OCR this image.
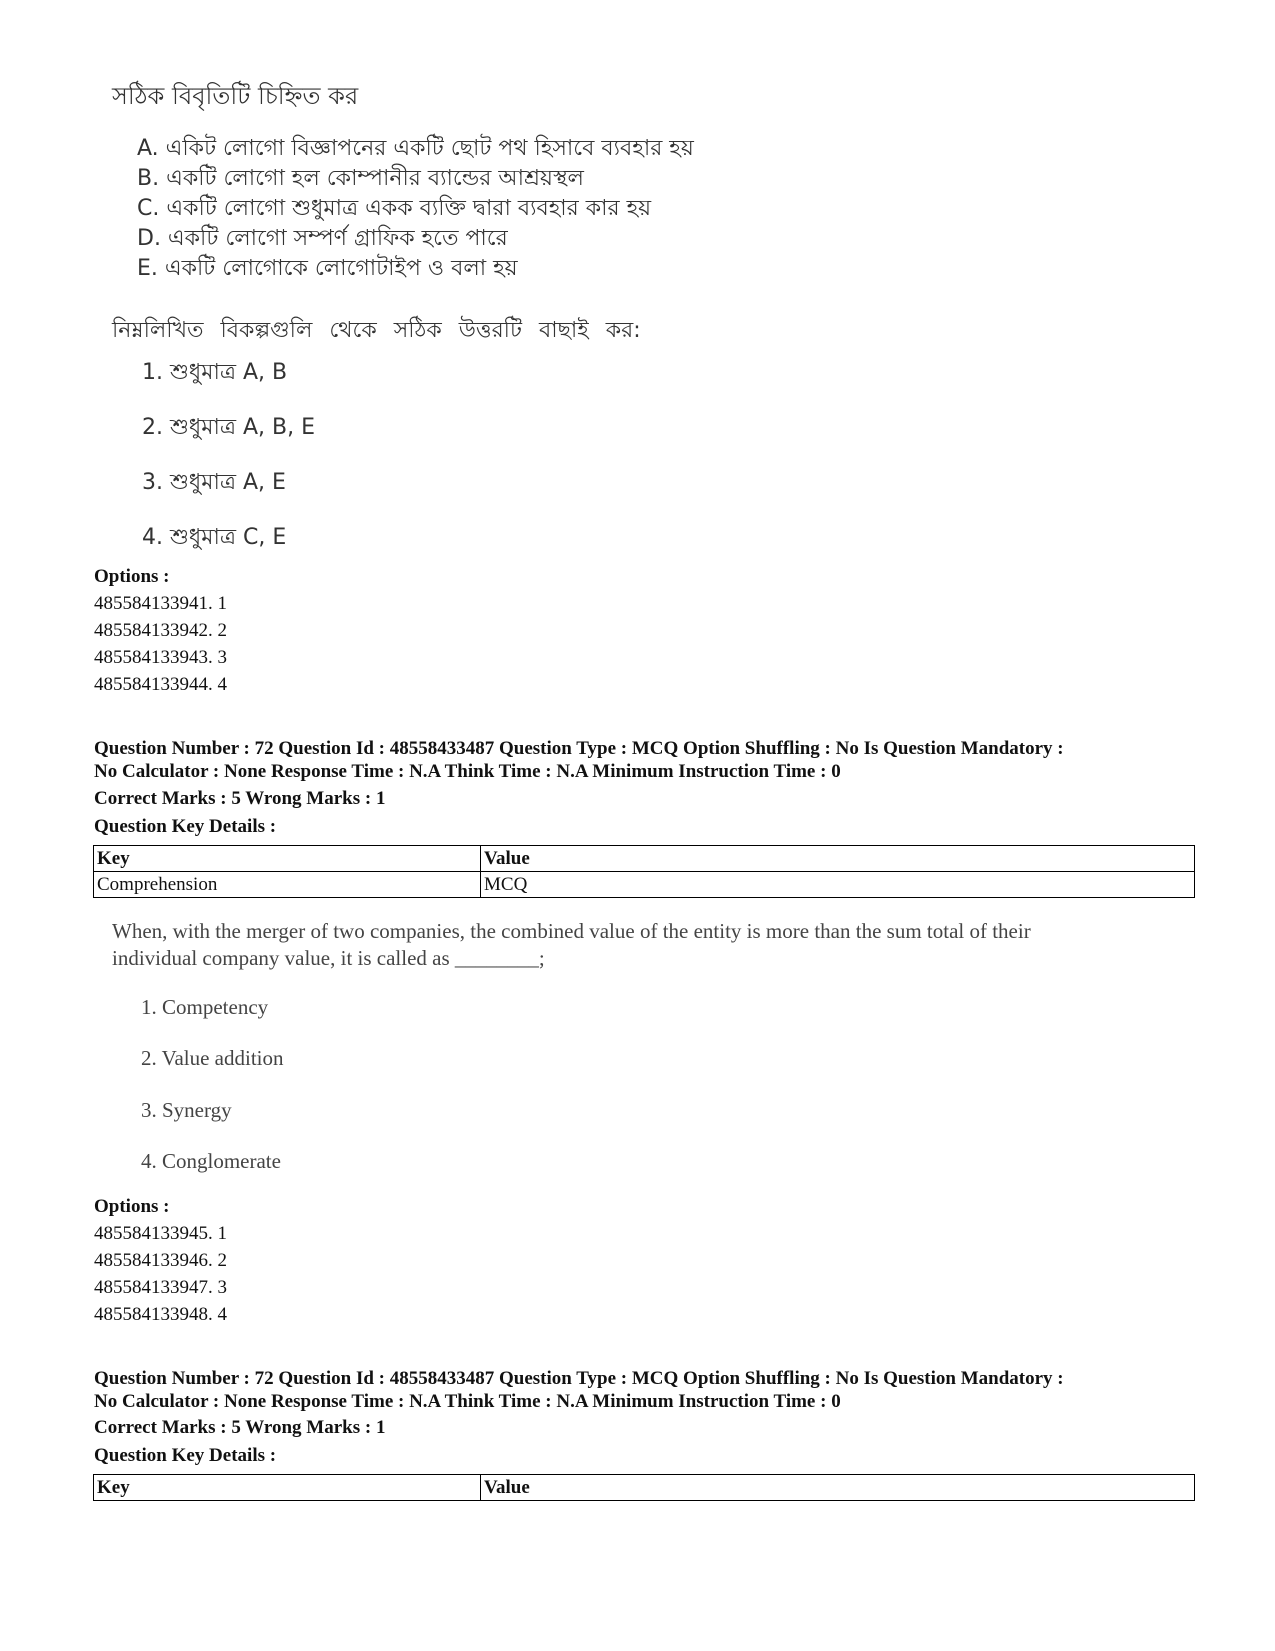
সঠিক বিবৃতিটি চিহ্নিত কর
A. একিট লোগো বিজ্ঞাপনের একটি ছোট পথ হিসাবে ব্যবহার হয়
B. একটি লোগো হল কোম্পানীর ব্যান্ডের আশ্রয়স্থল
C. একটি লোগো শুধুমাত্র একক ব্যক্তি দ্বারা ব্যবহার কার হয়
D. একটি লোগো সম্পর্ণ গ্রাফিক হতে পারে
E. একটি লোগোকে লোগোটাইপ ও বলা হয়
নিম্নলিখিত বিকল্পগুলি থেকে সঠিক উত্তরটি বাছাই কর:
1. শুধুমাত্র A, B
2. শুধুমাত্র A, B, E
3. শুধুমাত্র A, E
4. শুধুমাত্র C, E
Options :
485584133941. 1
485584133942. 2
485584133943. 3
485584133944. 4
Question Number : 72 Question Id : 48558433487 Question Type : MCQ Option Shuffling : No Is Question Mandatory :
No Calculator : None Response Time : N.A Think Time : N.A Minimum Instruction Time : 0
Correct Marks : 5 Wrong Marks : 1
Question Key Details :
Key	Value
Comprehension	MCQ
When, with the merger of two companies, the combined value of the entity is more than the sum total of their
individual company value, it is called as ________;
1. Competency
2. Value addition
3. Synergy
4. Conglomerate
Options :
485584133945. 1
485584133946. 2
485584133947. 3
485584133948. 4
Question Number : 72 Question Id : 48558433487 Question Type : MCQ Option Shuffling : No Is Question Mandatory :
No Calculator : None Response Time : N.A Think Time : N.A Minimum Instruction Time : 0
Correct Marks : 5 Wrong Marks : 1
Question Key Details :
Key	Value
